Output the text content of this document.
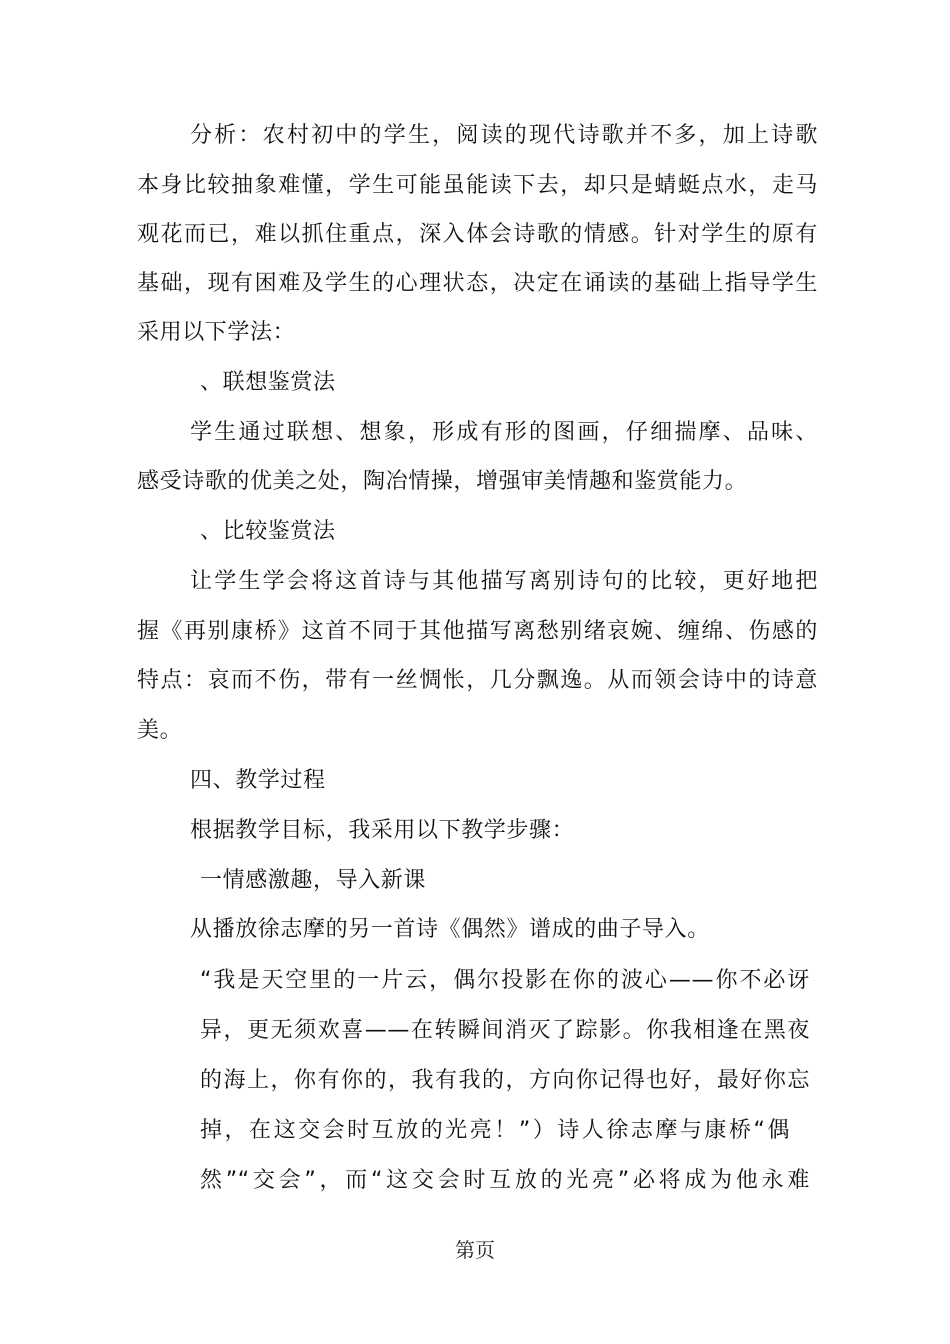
分析：农村初中的学生，阅读的现代诗歌并不多，加上诗歌
本身比较抽象难懂，学生可能虽能读下去，却只是蜻蜓点水，走马
观花而已，难以抓住重点，深入体会诗歌的情感。针对学生的原有
基础，现有困难及学生的心理状态，决定在诵读的基础上指导学生
采用以下学法：
、联想鉴赏法
学生通过联想、想象，形成有形的图画，仔细揣摩、品味、
感受诗歌的优美之处，陶冶情操，增强审美情趣和鉴赏能力。
、比较鉴赏法
让学生学会将这首诗与其他描写离别诗句的比较，更好地把
握《再别康桥》这首不同于其他描写离愁别绪哀婉、缠绵、伤感的
特点：哀而不伤，带有一丝惆怅，几分飘逸。从而领会诗中的诗意
美。
四、教学过程
根据教学目标，我采用以下教学步骤：
一情感激趣，导入新课
从播放徐志摩的另一首诗《偶然》谱成的曲子导入。
“我是天空里的一片云，偶尔投影在你的波心——你不必讶
异，更无须欢喜——在转瞬间消灭了踪影。你我相逢在黑夜
的海上，你有你的，我有我的，方向你记得也好，最好你忘
掉，在这交会时互放的光亮！”）诗人徐志摩与康桥“偶
然”“交会”，而“这交会时互放的光亮”必将成为他永难
第页
